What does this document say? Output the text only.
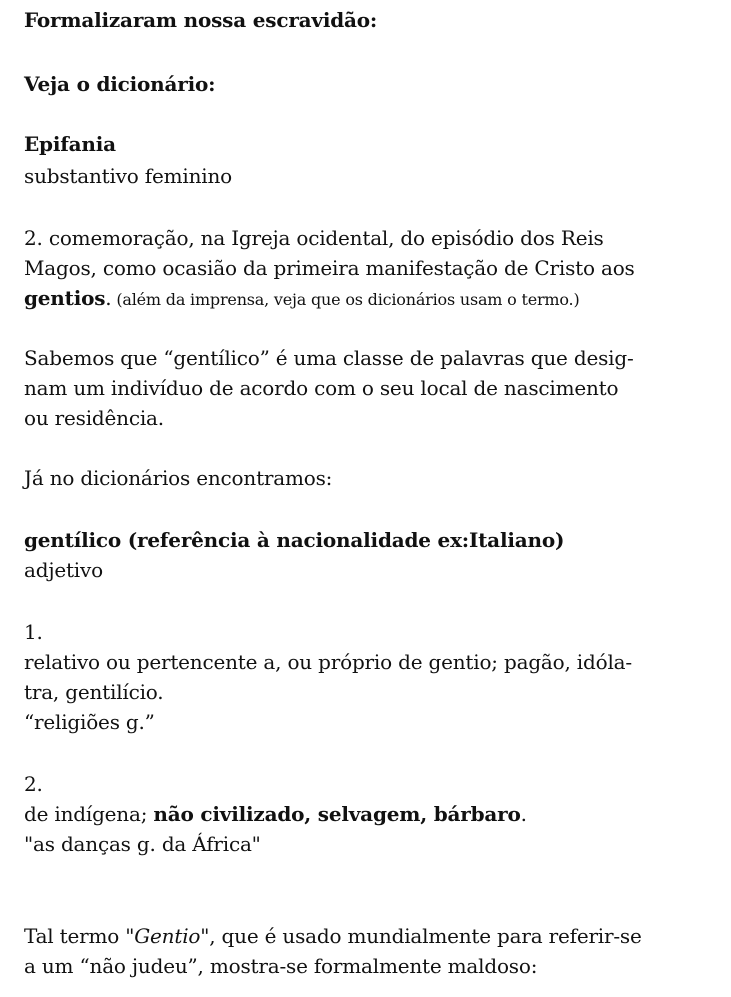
Formalizaram nossa escravidão:
Veja o dicionário:
Epifania
substantivo feminino
2. comemoração, na Igreja ocidental, do episódio dos Reis
Magos, como ocasião da primeira manifestação de Cristo aos
gentios. (além da imprensa, veja que os dicionários usam o termo.)
Sabemos que “gentílico” é uma classe de palavras que desig-
nam um indivíduo de acordo com o seu local de nascimento
ou residência.
Já no dicionários encontramos:
gentílico (referência à nacionalidade ex:Italiano)
adjetivo
1.
relativo ou pertencente a, ou próprio de gentio; pagão, idóla-
tra, gentilício.
“religiões g.”
2.
de indígena; não civilizado, selvagem, bárbaro.
"as danças g. da África"
Tal termo "Gentio", que é usado mundialmente para referir-se
a um “não judeu”, mostra-se formalmente maldoso:
